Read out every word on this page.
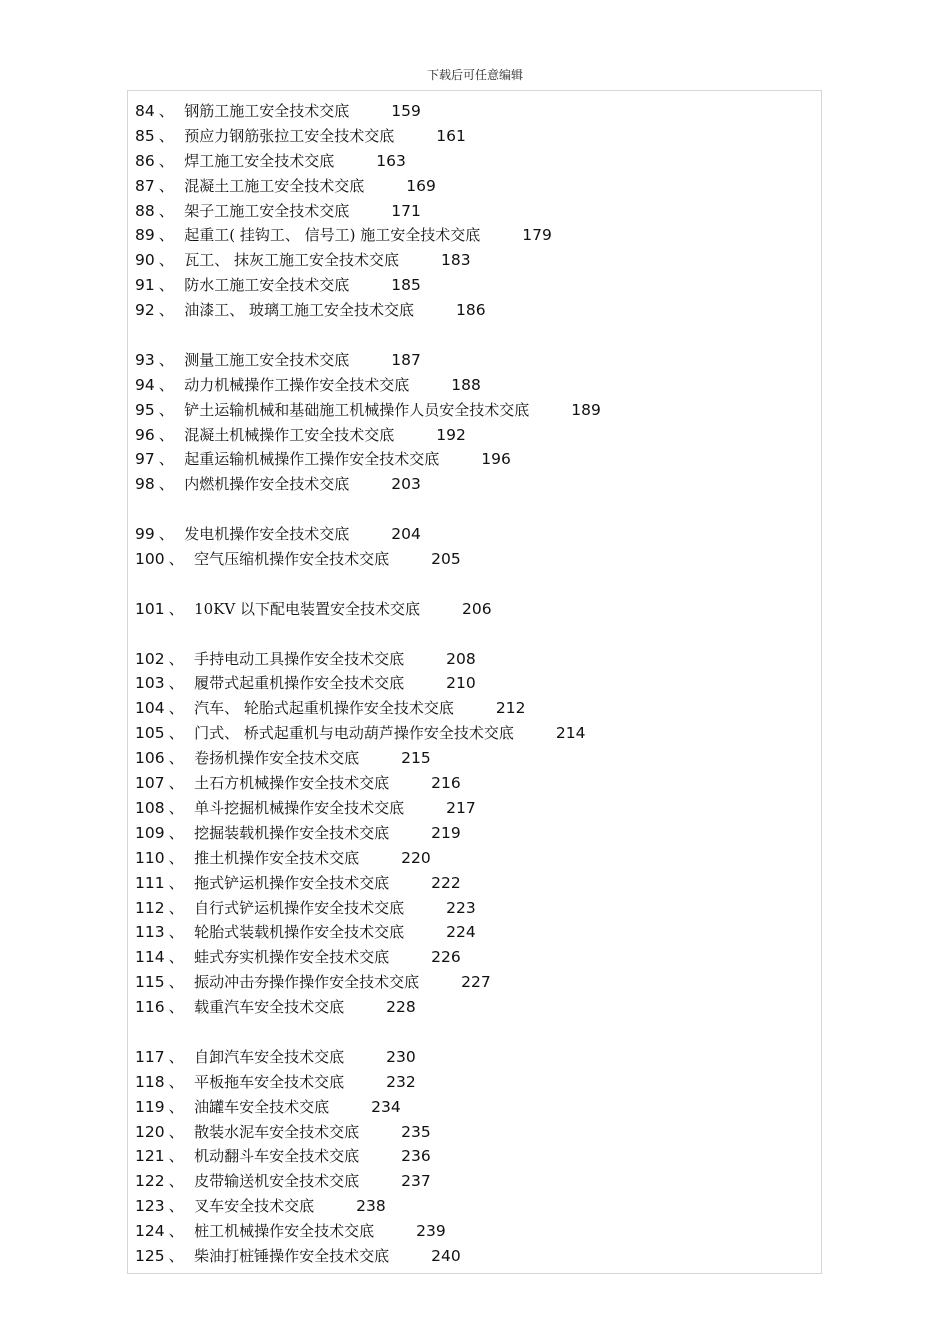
下载后可任意编辑
84 、 钢筋工施工安全技术交底	159
85 、 预应力钢筋张拉工安全技术交底	161
86 、 焊工施工安全技术交底	163
87 、 混凝土工施工安全技术交底	169
88 、 架子工施工安全技术交底	171
89 、 起重工( 挂钩工、 信号工) 施工安全技术交底	179
90 、 瓦工、 抹灰工施工安全技术交底	183
91 、 防水工施工安全技术交底	185
92 、 油漆工、 玻璃工施工安全技术交底	186
93 、 测量工施工安全技术交底	187
94 、 动力机械操作工操作安全技术交底	188
95 、 铲土运输机械和基础施工机械操作人员安全技术交底	189
96 、 混凝土机械操作工安全技术交底	192
97 、 起重运输机械操作工操作安全技术交底	196
98 、 内燃机操作安全技术交底	203
99 、 发电机操作安全技术交底	204
100 、 空气压缩机操作安全技术交底	205
101 、 10KV 以下配电装置安全技术交底	206
102 、 手持电动工具操作安全技术交底	208
103 、 履带式起重机操作安全技术交底	210
104 、 汽车、 轮胎式起重机操作安全技术交底	212
105 、 门式、 桥式起重机与电动葫芦操作安全技术交底	214
106 、 卷扬机操作安全技术交底	215
107 、 土石方机械操作安全技术交底	216
108 、 单斗挖掘机械操作安全技术交底	217
109 、 挖掘装载机操作安全技术交底	219
110 、 推土机操作安全技术交底	220
111 、 拖式铲运机操作安全技术交底	222
112 、 自行式铲运机操作安全技术交底	223
113 、 轮胎式装载机操作安全技术交底	224
114 、 蛙式夯实机操作安全技术交底	226
115 、 振动冲击夯操作操作安全技术交底	227
116 、 载重汽车安全技术交底	228
117 、 自卸汽车安全技术交底	230
118 、 平板拖车安全技术交底	232
119 、 油罐车安全技术交底	234
120 、 散装水泥车安全技术交底	235
121 、 机动翻斗车安全技术交底	236
122 、 皮带输送机安全技术交底	237
123 、 叉车安全技术交底	238
124 、 桩工机械操作安全技术交底	239
125 、 柴油打桩锤操作安全技术交底	240
